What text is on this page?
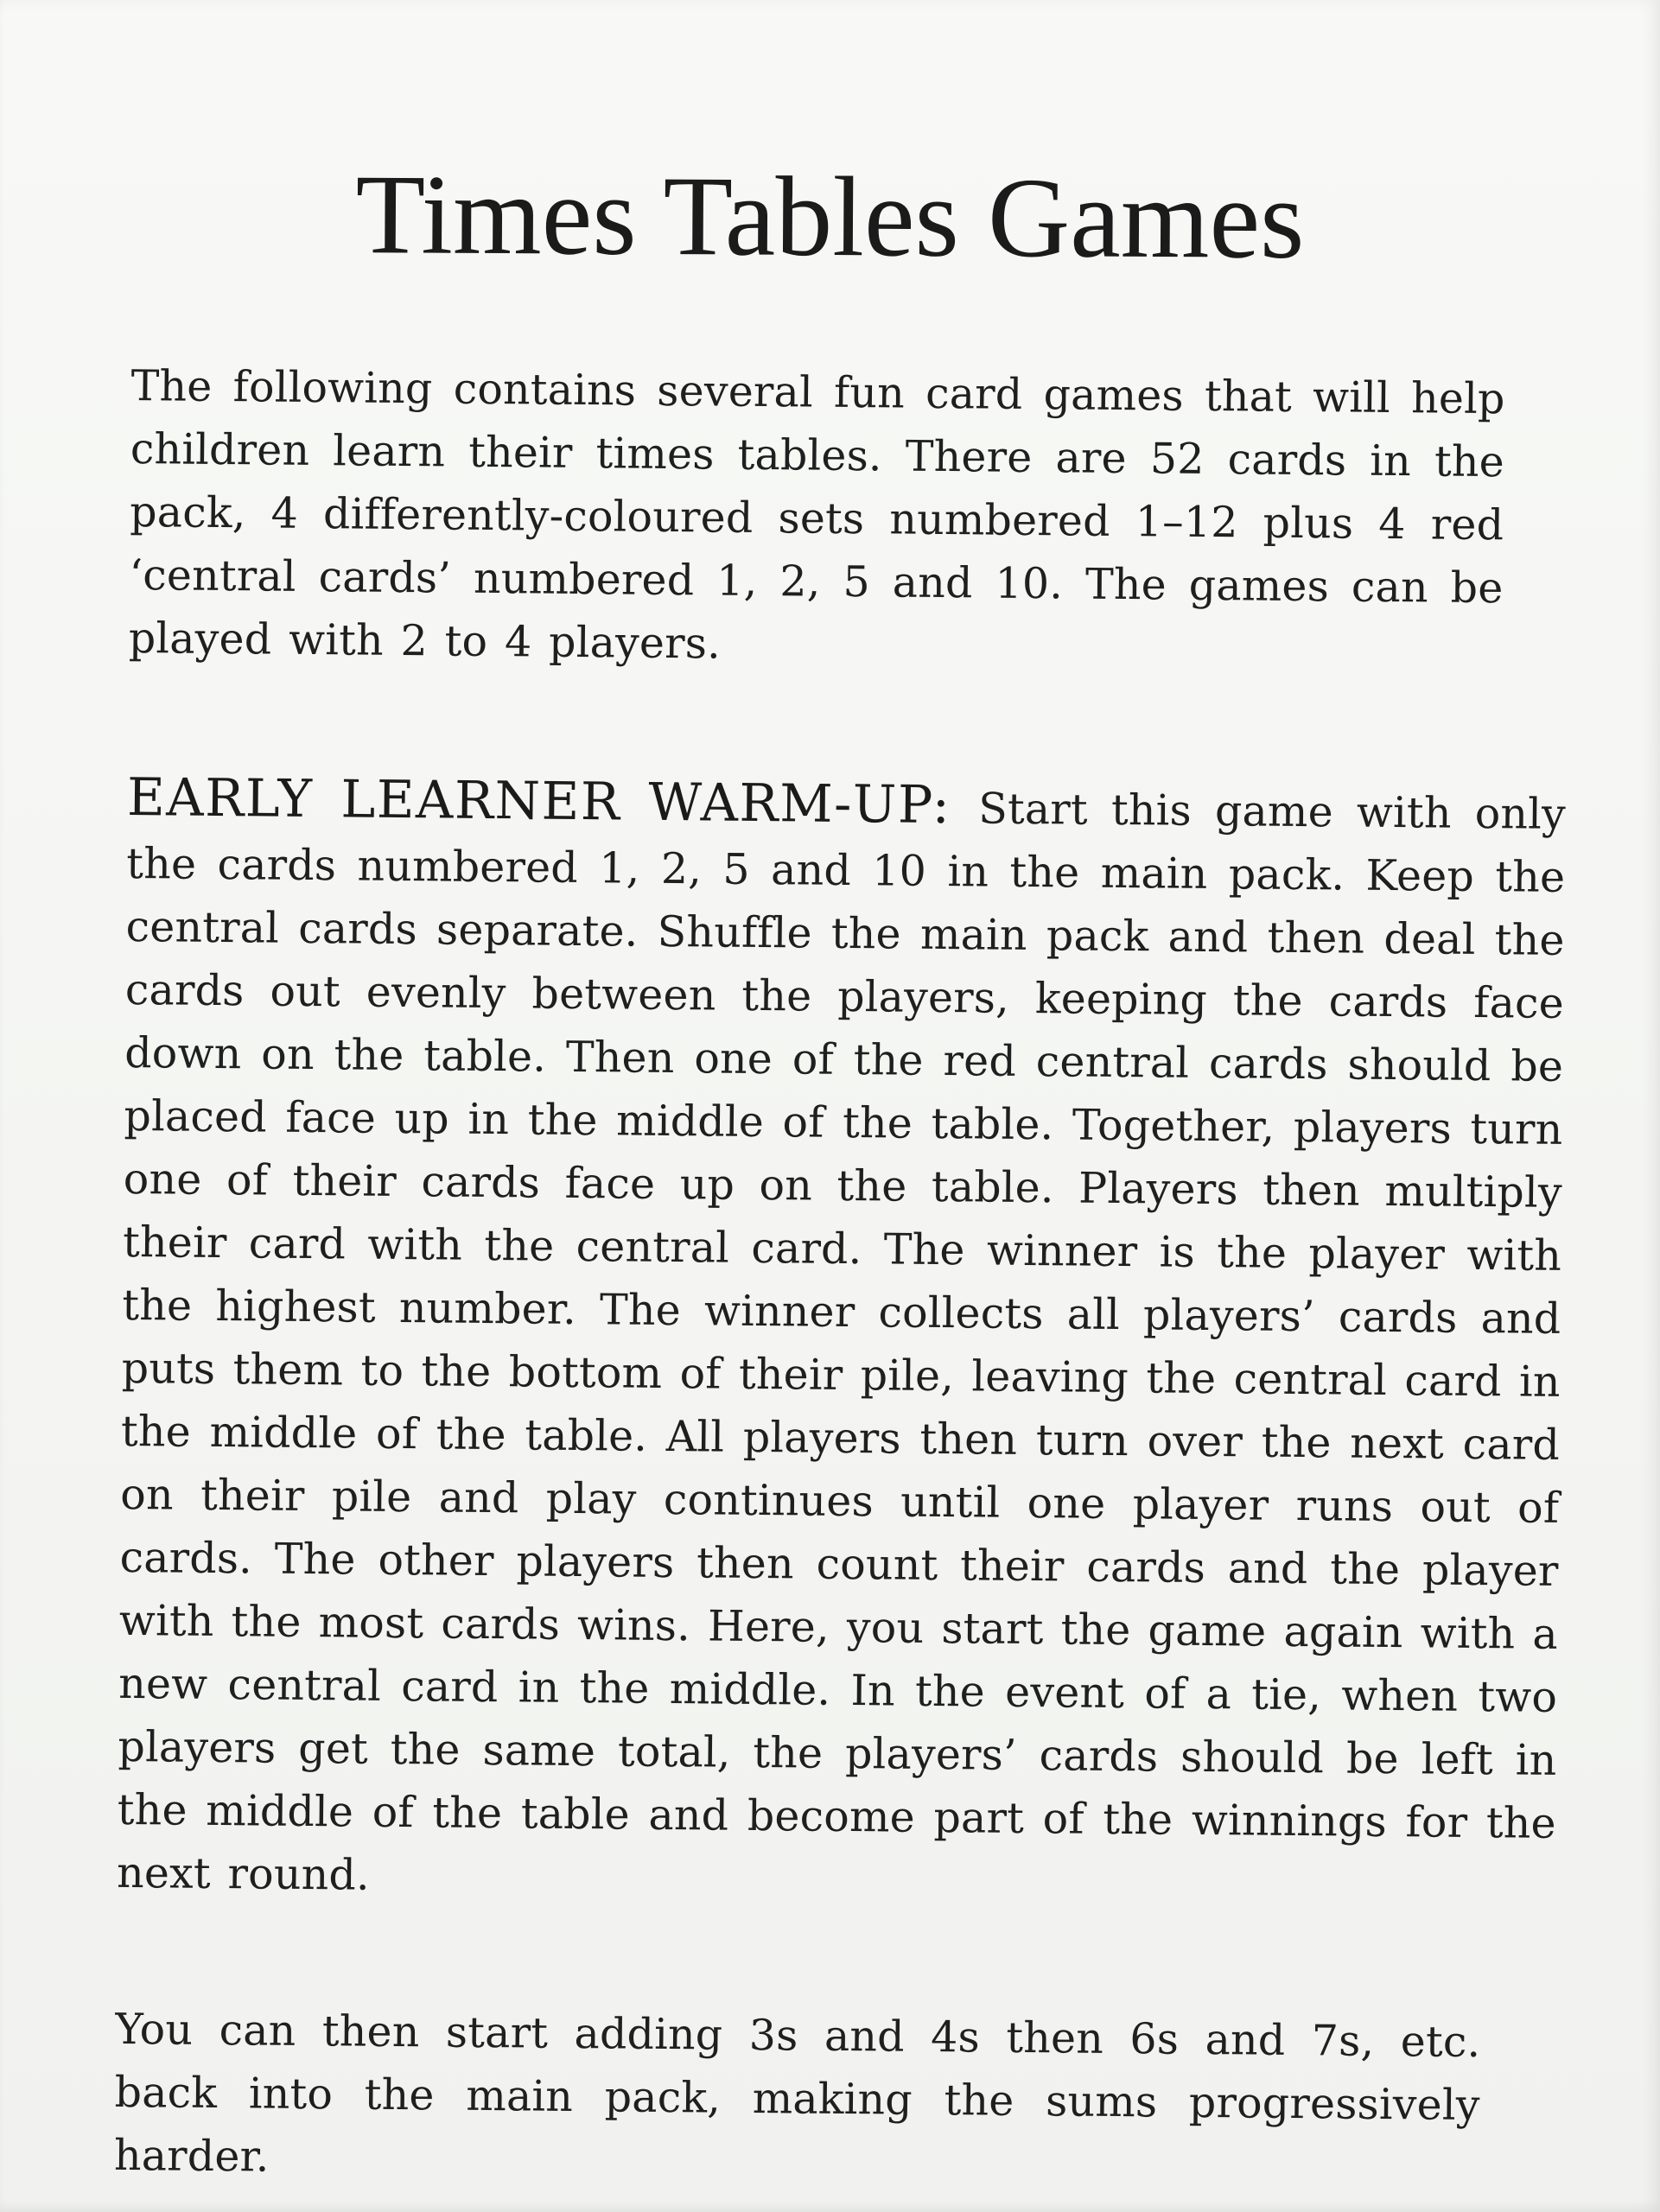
Times Tables Games

The following contains several fun card games that will help children learn their times tables. There are 52 cards in the pack, 4 differently-coloured sets numbered 1–12 plus 4 red ‘central cards’ numbered 1, 2, 5 and 10. The games can be played with 2 to 4 players.

EARLY LEARNER WARM-UP: Start this game with only the cards numbered 1, 2, 5 and 10 in the main pack. Keep the central cards separate. Shuffle the main pack and then deal the cards out evenly between the players, keeping the cards face down on the table. Then one of the red central cards should be placed face up in the middle of the table. Together, players turn one of their cards face up on the table. Players then multiply their card with the central card. The winner is the player with the highest number. The winner collects all players’ cards and puts them to the bottom of their pile, leaving the central card in the middle of the table. All players then turn over the next card on their pile and play continues until one player runs out of cards. The other players then count their cards and the player with the most cards wins. Here, you start the game again with a new central card in the middle. In the event of a tie, when two players get the same total, the players’ cards should be left in the middle of the table and become part of the winnings for the next round.

You can then start adding 3s and 4s then 6s and 7s, etc. back into the main pack, making the sums progressively harder.
